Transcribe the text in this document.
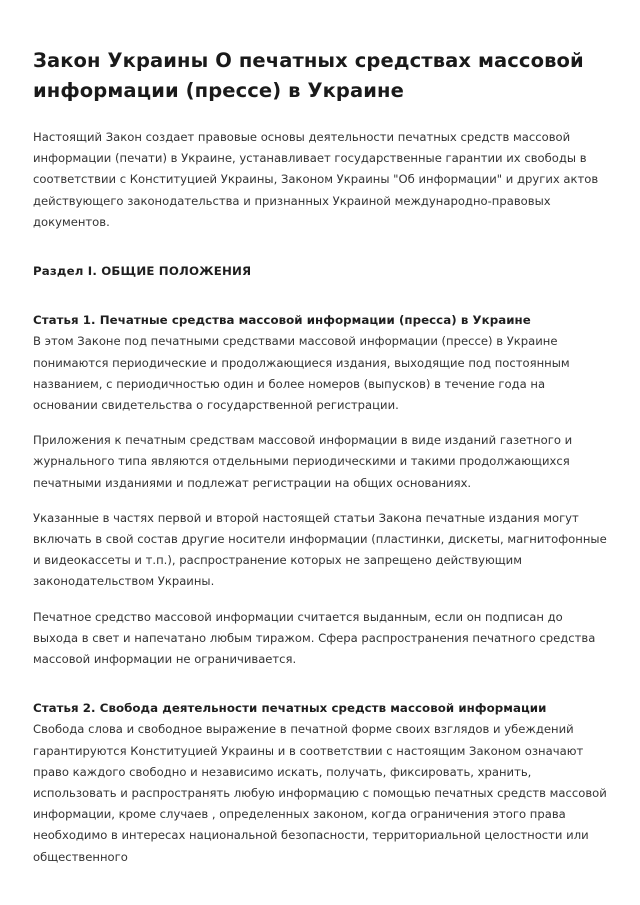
Закон Украины О печатных средствах массовой информации (прессе) в Украине

Настоящий Закон создает правовые основы деятельности печатных средств массовой информации (печати) в Украине, устанавливает государственные гарантии их свободы в соответствии с Конституцией Украины, Законом Украины "Об информации" и других актов действующего законодательства и признанных Украиной международно-правовых документов.

Раздел I. ОБЩИЕ ПОЛОЖЕНИЯ
Статья 1. Печатные средства массовой информации (пресса) в Украине

В этом Законе под печатными средствами массовой информации (прессе) в Украине понимаются периодические и продолжающиеся издания, выходящие под постоянным названием, с периодичностью один и более номеров (выпусков) в течение года на основании свидетельства о государственной регистрации.

Приложения к печатным средствам массовой информации в виде изданий газетного и журнального типа являются отдельными периодическими и такими продолжающихся печатными изданиями и подлежат регистрации на общих основаниях.

Указанные в частях первой и второй настоящей статьи Закона печатные издания могут включать в свой состав другие носители информации (пластинки, дискеты, магнитофонные и видеокассеты и т.п.), распространение которых не запрещено действующим законодательством Украины.

Печатное средство массовой информации считается выданным, если он подписан до выхода в свет и напечатано любым тиражом. Сфера распространения печатного средства массовой информации не ограничивается.

Статья 2. Свобода деятельности печатных средств массовой информации

Свобода слова и свободное выражение в печатной форме своих взглядов и убеждений гарантируются Конституцией Украины и в соответствии с настоящим Законом означают право каждого свободно и независимо искать, получать, фиксировать, хранить, использовать и распространять любую информацию с помощью печатных средств массовой информации, кроме случаев , определенных законом, когда ограничения этого права необходимо в интересах национальной безопасности, территориальной целостности или общественного
